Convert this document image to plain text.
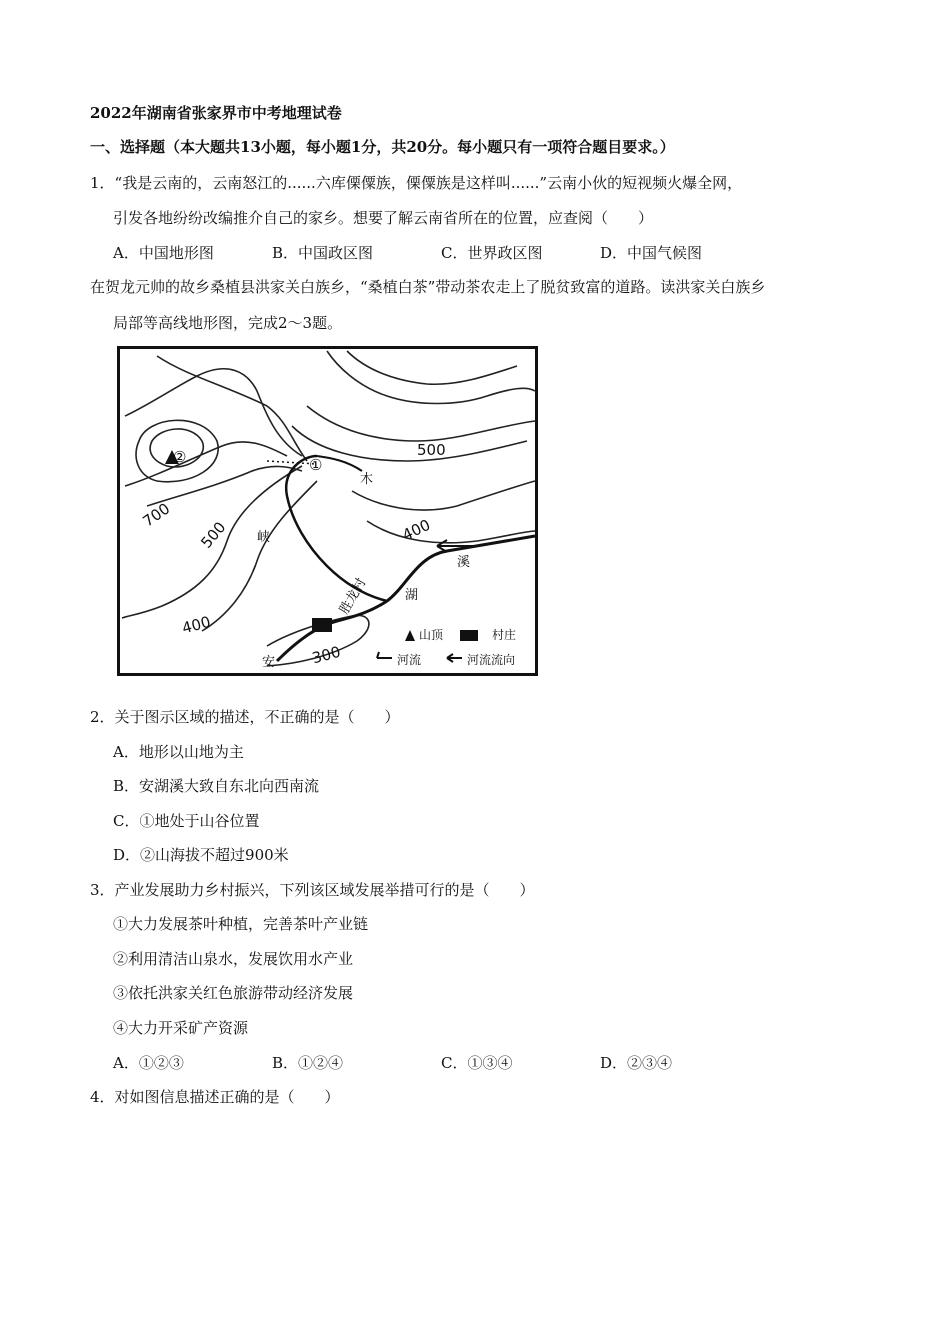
2022年湖南省张家界市中考地理试卷
一、选择题（本大题共13小题，每小题1分，共20分。每小题只有一项符合题目要求。）
1．“我是云南的，云南怒江的......六库傈僳族，傈僳族是这样叫......”云南小伙的短视频火爆全网，
引发各地纷纷改编推介自己的家乡。想要了解云南省所在的位置，应查阅（　　）
A．中国地形图	B．中国政区图	C．世界政区图	D．中国气候图
在贺龙元帅的故乡桑植县洪家关白族乡，“桑植白茶”带动茶农走上了脱贫致富的道路。读洪家关白族乡
局部等高线地形图，完成2～3题。
500
700
500	400
400
300
②	①
胜龙村
安
湖
溪
峡
木
山顶	村庄
河流	河流流向
2．关于图示区域的描述，不正确的是（　　）
A．地形以山地为主
B．安湖溪大致自东北向西南流
C．①地处于山谷位置
D．②山海拔不超过900米
3．产业发展助力乡村振兴，下列该区域发展举措可行的是（　　）
①大力发展茶叶种植，完善茶叶产业链
②利用清洁山泉水，发展饮用水产业
③依托洪家关红色旅游带动经济发展
④大力开采矿产资源
A．①②③	B．①②④	C．①③④	D．②③④
4．对如图信息描述正确的是（　　）
